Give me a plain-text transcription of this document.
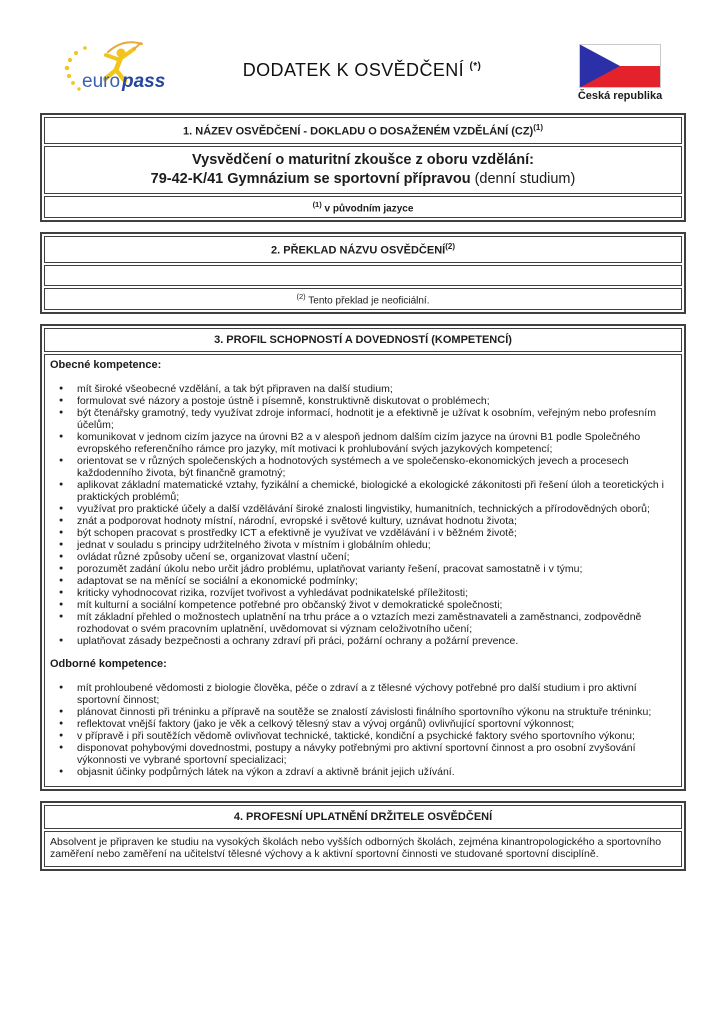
euro pass
DODATEK K OSVĚDČENÍ (*)
Česká republika
1. NÁZEV OSVĚDČENÍ - DOKLADU O DOSAŽENÉM VZDĚLÁNÍ (CZ)$^{(1)}$
Vysvědčení o maturitní zkoušce z oboru vzdělání:
79-42-K/41 Gymnázium se sportovní přípravou (denní studium)
$^{(1)}$ v původním jazyce
2. PŘEKLAD NÁZVU OSVĚDČENÍ$^{(2)}$
$^{(2)}$ Tento překlad je neoficiální.
3. PROFIL SCHOPNOSTÍ A DOVEDNOSTÍ (KOMPETENCÍ)
Obecné kompetence:
●	mít široké všeobecné vzdělání, a tak být připraven na další studium;
●	formulovat své názory a postoje ústně i písemně, konstruktivně diskutovat o problémech;
●	být čtenářsky gramotný, tedy využívat zdroje informací, hodnotit je a efektivně je užívat k osobním, veřejným nebo profesním účelům;
●	komunikovat v jednom cizím jazyce na úrovni B2 a v alespoň jednom dalším cizím jazyce na úrovni B1 podle Společného evropského referenčního rámce pro jazyky, mít motivaci k prohlubování svých jazykových kompetencí;
●	orientovat se v různých společenských a hodnotových systémech a ve společensko-ekonomických jevech a procesech každodenního života, být finančně gramotný;
●	aplikovat základní matematické vztahy, fyzikální a chemické, biologické a ekologické zákonitosti při řešení úloh a teoretických i praktických problémů;
●	využívat pro praktické účely a další vzdělávání široké znalosti lingvistiky, humanitních, technických a přírodovědných oborů;
●	znát a podporovat hodnoty místní, národní, evropské i světové kultury, uznávat hodnotu života;
●	být schopen pracovat s prostředky ICT a efektivně je využívat ve vzdělávání i v běžném životě;
●	jednat v souladu s principy udržitelného života v místním i globálním ohledu;
●	ovládat různé způsoby učení se, organizovat vlastní učení;
●	porozumět zadání úkolu nebo určit jádro problému, uplatňovat varianty řešení, pracovat samostatně i v týmu;
●	adaptovat se na měnící se sociální a ekonomické podmínky;
●	kriticky vyhodnocovat rizika, rozvíjet tvořivost a vyhledávat podnikatelské příležitosti;
●	mít kulturní a sociální kompetence potřebné pro občanský život v demokratické společnosti;
●	mít základní přehled o možnostech uplatnění na trhu práce a o vztazích mezi zaměstnavateli a zaměstnanci, zodpovědně rozhodovat o svém pracovním uplatnění, uvědomovat si význam celoživotního učení;
●	uplatňovat zásady bezpečnosti a ochrany zdraví při práci, požární ochrany a požární prevence.
Odborné kompetence:
●	mít prohloubené vědomosti z biologie člověka, péče o zdraví a z tělesné výchovy potřebné pro další studium i pro aktivní sportovní činnost;
●	plánovat činnosti při tréninku a přípravě na soutěže se znalostí závislosti finálního sportovního výkonu na struktuře tréninku;
●	reflektovat vnější faktory (jako je věk a celkový tělesný stav a vývoj orgánů) ovlivňující sportovní výkonnost;
●	v přípravě i při soutěžích vědomě ovlivňovat technické, taktické, kondiční a psychické faktory svého sportovního výkonu;
●	disponovat pohybovými dovednostmi, postupy a návyky potřebnými pro aktivní sportovní činnost a pro osobní zvyšování výkonnosti ve vybrané sportovní specializaci;
●	objasnit účinky podpůrných látek na výkon a zdraví a aktivně bránit jejich užívání.
4. PROFESNÍ UPLATNĚNÍ DRŽITELE OSVĚDČENÍ
Absolvent je připraven ke studiu na vysokých školách nebo vyšších odborných školách, zejména kinantropologického a sportovního zaměření nebo zaměření na učitelství tělesné výchovy a k aktivní sportovní činnosti ve studované sportovní disciplíně.
